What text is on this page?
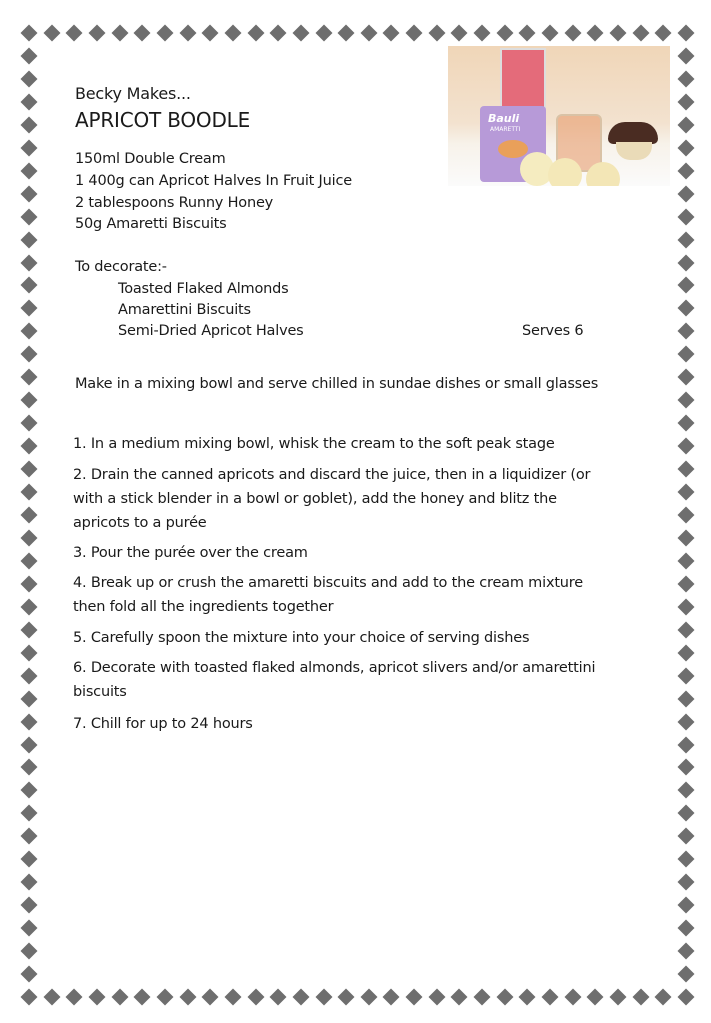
Becky Makes...
APRICOT BOODLE
150ml Double Cream
1 400g can Apricot Halves In Fruit Juice
2 tablespoons Runny Honey
50g Amaretti Biscuits
To decorate:-
Toasted Flaked Almonds
Amarettini Biscuits
Semi-Dried Apricot Halves	Serves 6
Make in a mixing bowl and serve chilled in sundae dishes or small glasses
1. In a medium mixing bowl, whisk the cream to the soft peak stage
2. Drain the canned apricots and discard the juice, then in a liquidizer (or
with a stick blender in a bowl or goblet), add the honey and blitz the
apricots to a purée
3. Pour the purée over the cream
4. Break up or crush the amaretti biscuits and add to the cream mixture
then fold all the ingredients together
5. Carefully spoon the mixture into your choice of serving dishes
6. Decorate with toasted flaked almonds, apricot slivers and/or amarettini
biscuits
7. Chill for up to 24 hours
Bauli
AMARETTI
